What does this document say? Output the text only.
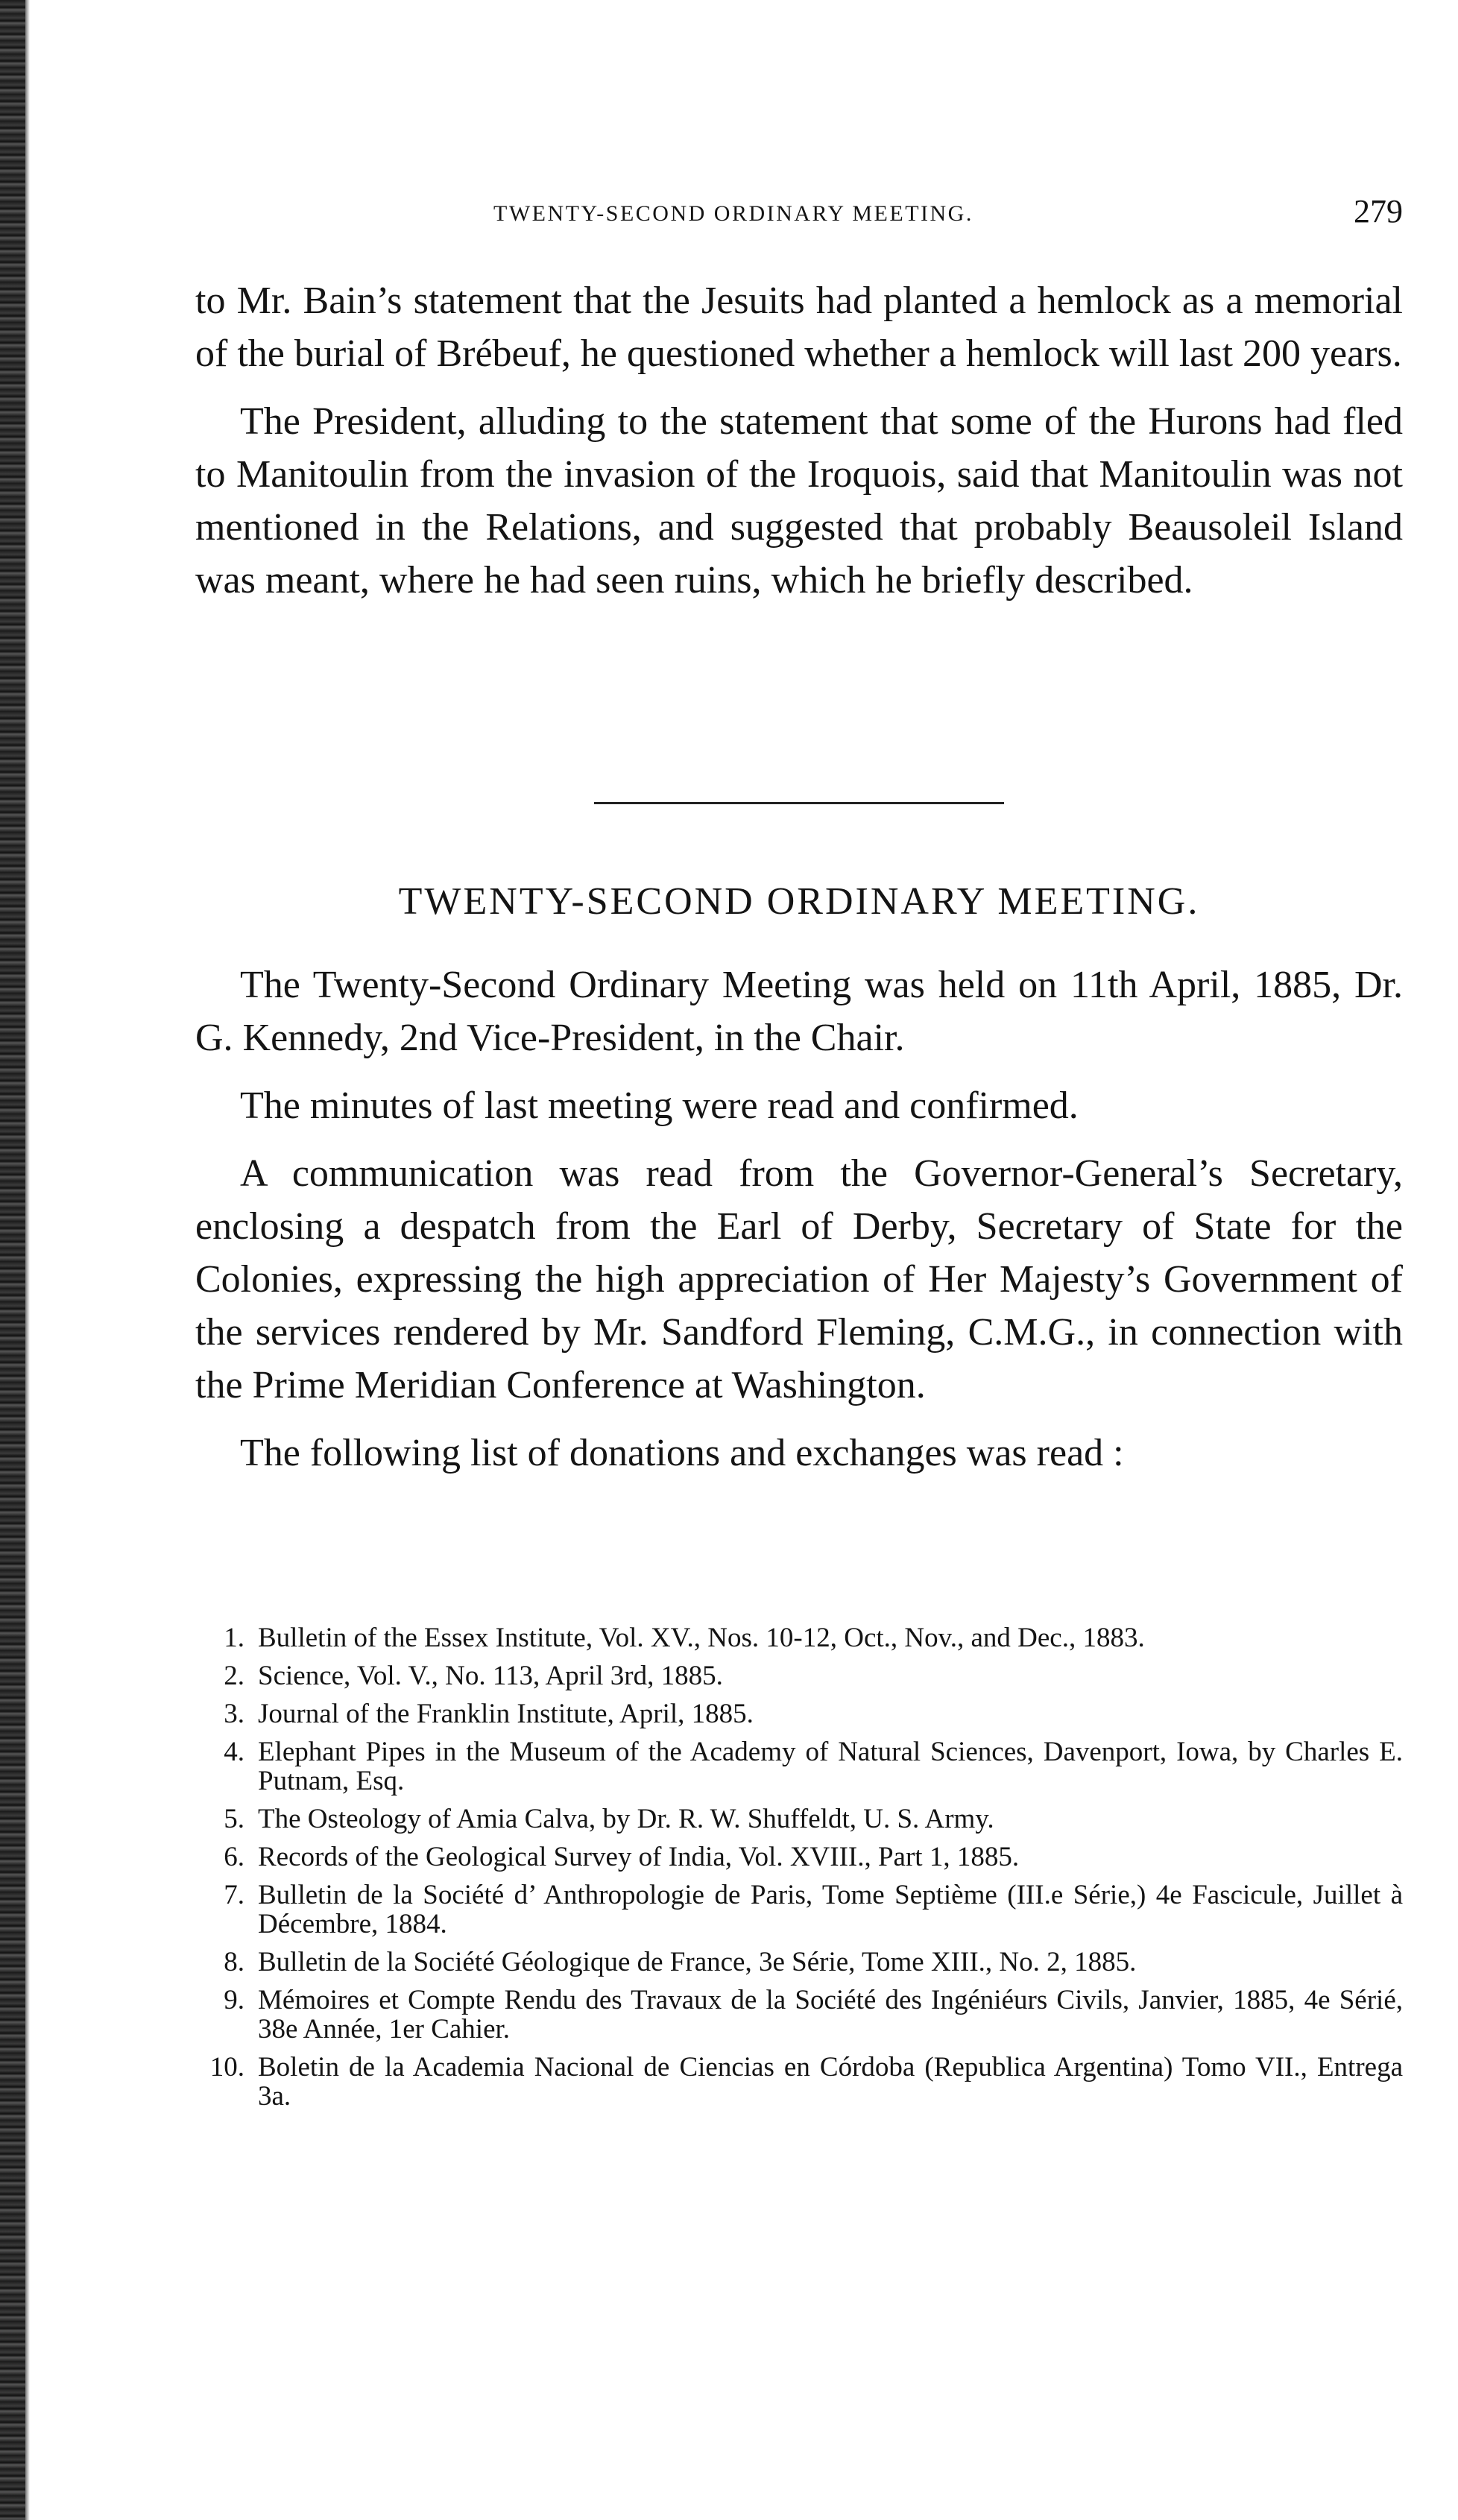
TWENTY-SECOND ORDINARY MEETING.	279

to Mr. Bain’s statement that the Jesuits had planted a hemlock as a memorial of the burial of Brébeuf, he questioned whether a hemlock will last 200 years.

The President, alluding to the statement that some of the Hurons had fled to Manitoulin from the invasion of the Iroquois, said that Manitoulin was not mentioned in the Relations, and suggested that probably Beausoleil Island was meant, where he had seen ruins, which he briefly described.

TWENTY-SECOND ORDINARY MEETING.

The Twenty-Second Ordinary Meeting was held on 11th April, 1885, Dr. G. Kennedy, 2nd Vice-President, in the Chair.

The minutes of last meeting were read and confirmed.

A communication was read from the Governor-General’s Secretary, enclosing a despatch from the Earl of Derby, Secretary of State for the Colonies, expressing the high appreciation of Her Majesty’s Government of the services rendered by Mr. Sandford Fleming, C.M.G., in connection with the Prime Meridian Conference at Washington.

The following list of donations and exchanges was read :

1. Bulletin of the Essex Institute, Vol. XV., Nos. 10-12, Oct., Nov., and Dec., 1883.
2. Science, Vol. V., No. 113, April 3rd, 1885.
3. Journal of the Franklin Institute, April, 1885.
4. Elephant Pipes in the Museum of the Academy of Natural Sciences, Davenport, Iowa, by Charles E. Putnam, Esq.
5. The Osteology of Amia Calva, by Dr. R. W. Shuffeldt, U. S. Army.
6. Records of the Geological Survey of India, Vol. XVIII., Part 1, 1885.
7. Bulletin de la Société d’ Anthropologie de Paris, Tome Septième (III.e Série,) 4e Fascicule, Juillet à Décembre, 1884.
8. Bulletin de la Société Géologique de France, 3e Série, Tome XIII., No. 2, 1885.
9. Mémoires et Compte Rendu des Travaux de la Société des Ingéniéurs Civils, Janvier, 1885, 4e Sérié, 38e Année, 1er Cahier.
10. Boletin de la Academia Nacional de Ciencias en Córdoba (Republica Argentina) Tomo VII., Entrega 3a.
